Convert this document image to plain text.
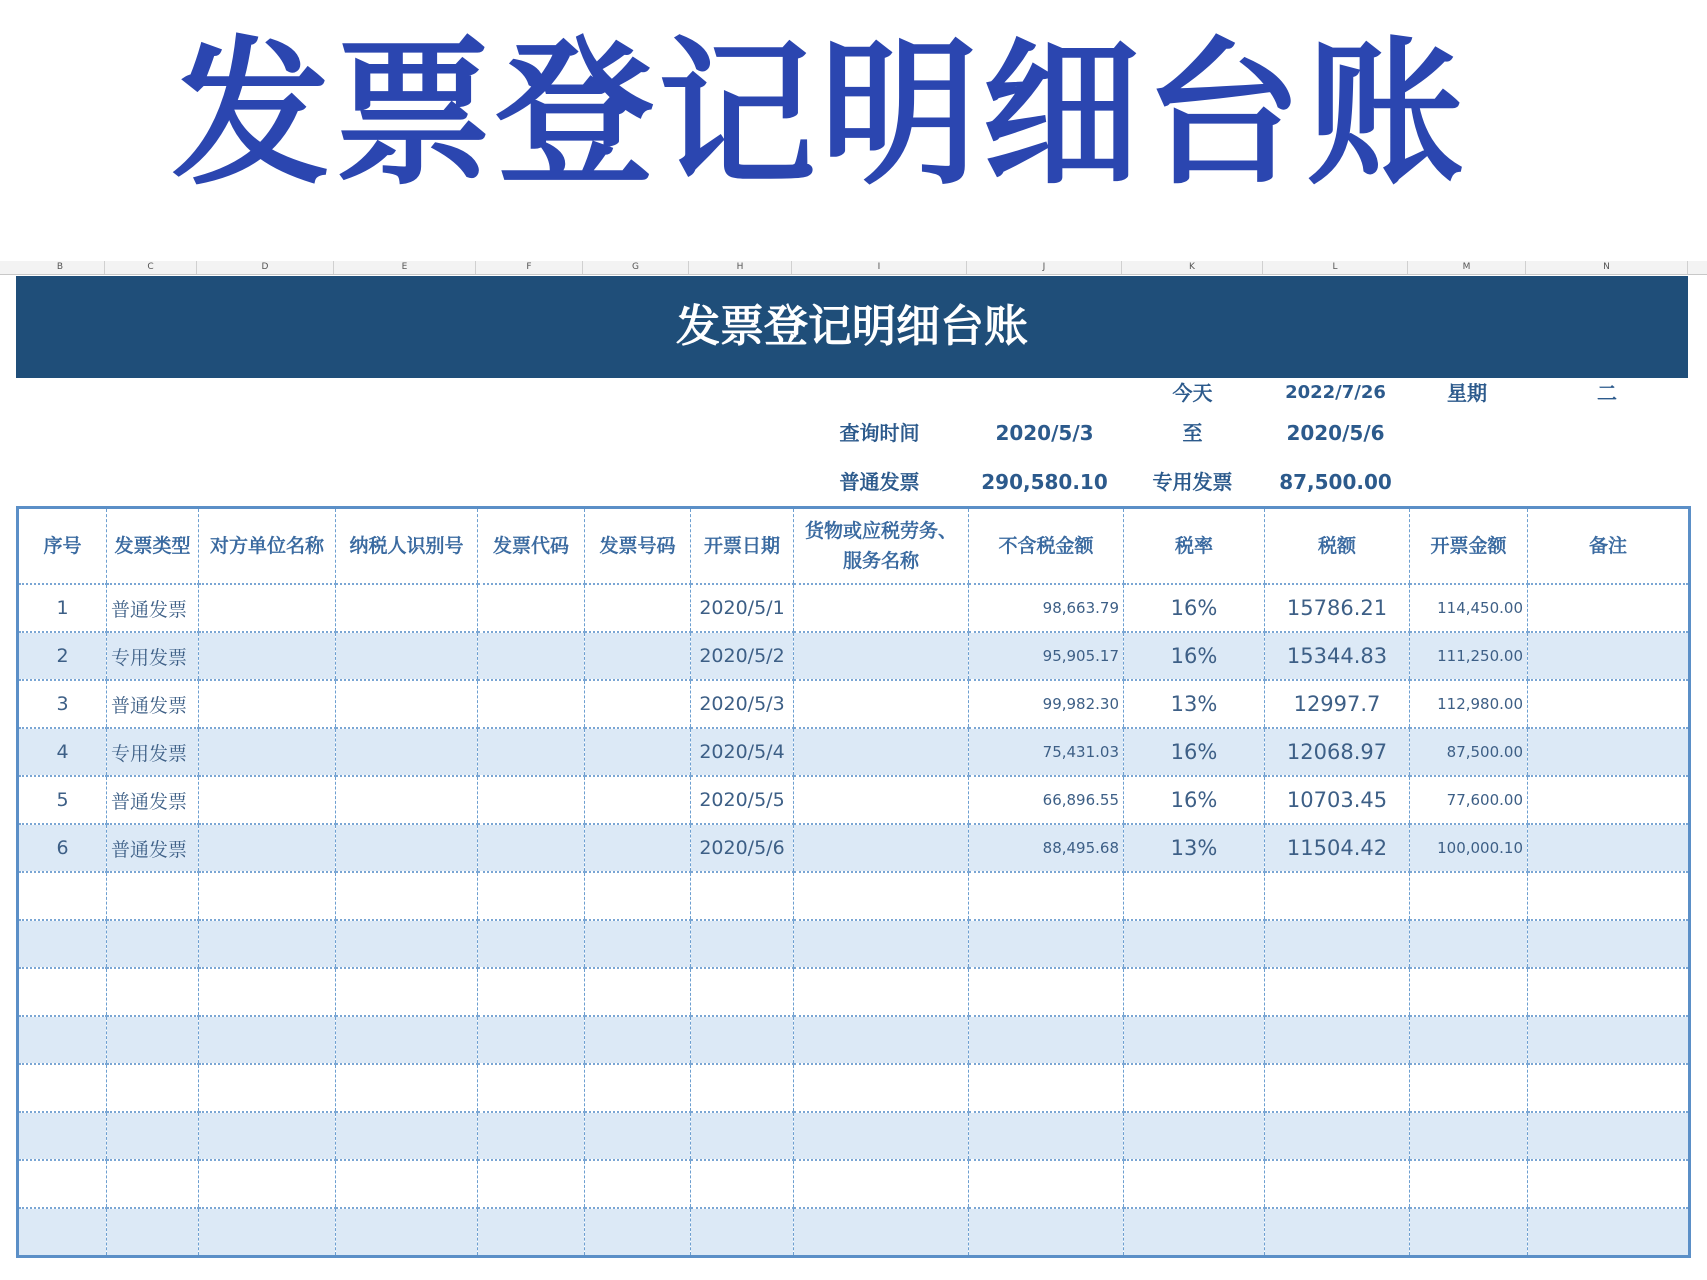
发票登记明细台账
B	C	D	E	F	G	H	I	J	K	L	M	N
发票登记明细台账
今天	2022/7/26	星期	二
查询时间	2020/5/3	至	2020/5/6
普通发票	290,580.10	专用发票	87,500.00
序号	发票类型	对方单位名称	纳税人识别号	发票代码	发票号码	开票日期	货物或应税劳务、服务名称	不含税金额	税率	税额	开票金额	备注
1	普通发票					2020/5/1		98,663.79	16%	15786.21	114,450.00	
2	专用发票					2020/5/2		95,905.17	16%	15344.83	111,250.00	
3	普通发票					2020/5/3		99,982.30	13%	12997.7	112,980.00	
4	专用发票					2020/5/4		75,431.03	16%	12068.97	87,500.00	
5	普通发票					2020/5/5		66,896.55	16%	10703.45	77,600.00	
6	普通发票					2020/5/6		88,495.68	13%	11504.42	100,000.10	
